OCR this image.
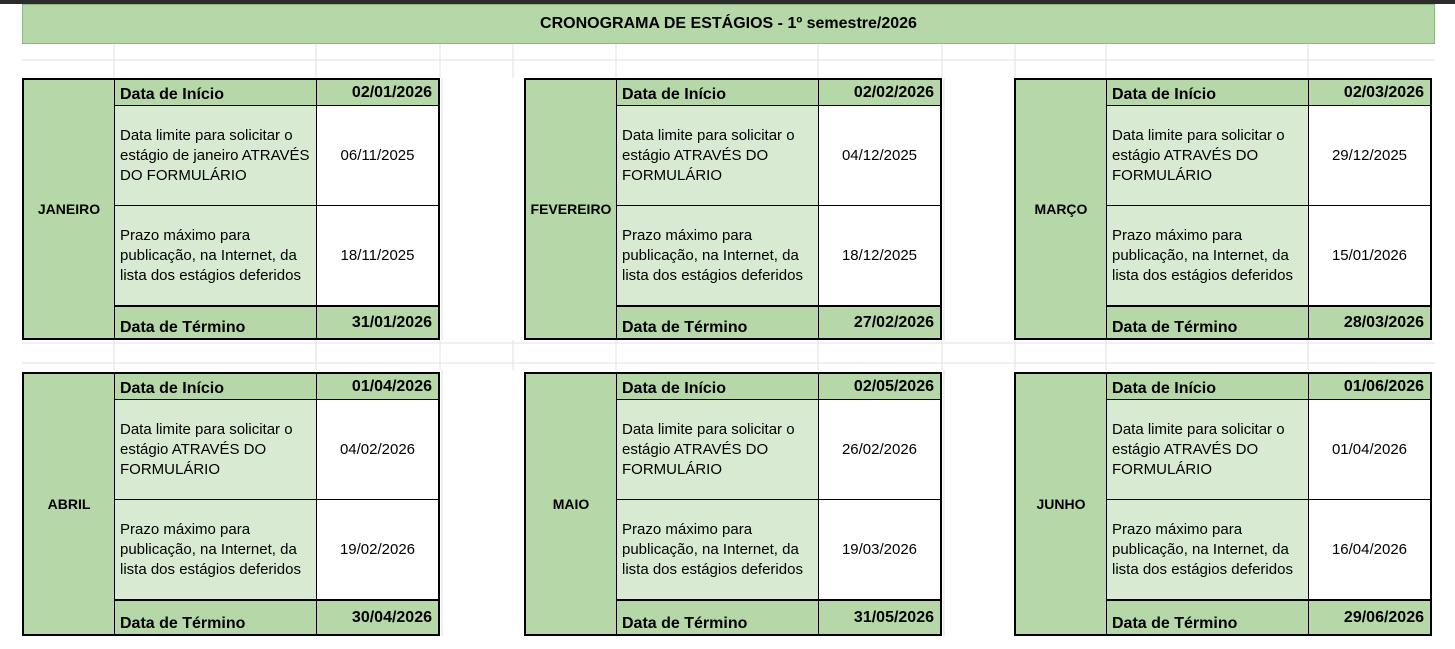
CRONOGRAMA DE ESTÁGIOS - 1º semestre/2026
JANEIRO
Data de Início	02/01/2026
Data limite para solicitar o estágio de janeiro ATRAVÉS DO FORMULÁRIO
06/11/2025
Prazo máximo para publicação, na Internet, da lista dos estágios deferidos
18/11/2025
Data de Término	31/01/2026
FEVEREIRO
Data de Início	02/02/2026
Data limite para solicitar o estágio ATRAVÉS DO FORMULÁRIO
04/12/2025
Prazo máximo para publicação, na Internet, da lista dos estágios deferidos
18/12/2025
Data de Término	27/02/2026
MARÇO
Data de Início	02/03/2026
Data limite para solicitar o estágio ATRAVÉS DO FORMULÁRIO
29/12/2025
Prazo máximo para publicação, na Internet, da lista dos estágios deferidos
15/01/2026
Data de Término	28/03/2026
ABRIL
Data de Início	01/04/2026
Data limite para solicitar o estágio ATRAVÉS DO FORMULÁRIO
04/02/2026
Prazo máximo para publicação, na Internet, da lista dos estágios deferidos
19/02/2026
Data de Término	30/04/2026
MAIO
Data de Início	02/05/2026
Data limite para solicitar o estágio ATRAVÉS DO FORMULÁRIO
26/02/2026
Prazo máximo para publicação, na Internet, da lista dos estágios deferidos
19/03/2026
Data de Término	31/05/2026
JUNHO
Data de Início	01/06/2026
Data limite para solicitar o estágio ATRAVÉS DO FORMULÁRIO
01/04/2026
Prazo máximo para publicação, na Internet, da lista dos estágios deferidos
16/04/2026
Data de Término	29/06/2026
